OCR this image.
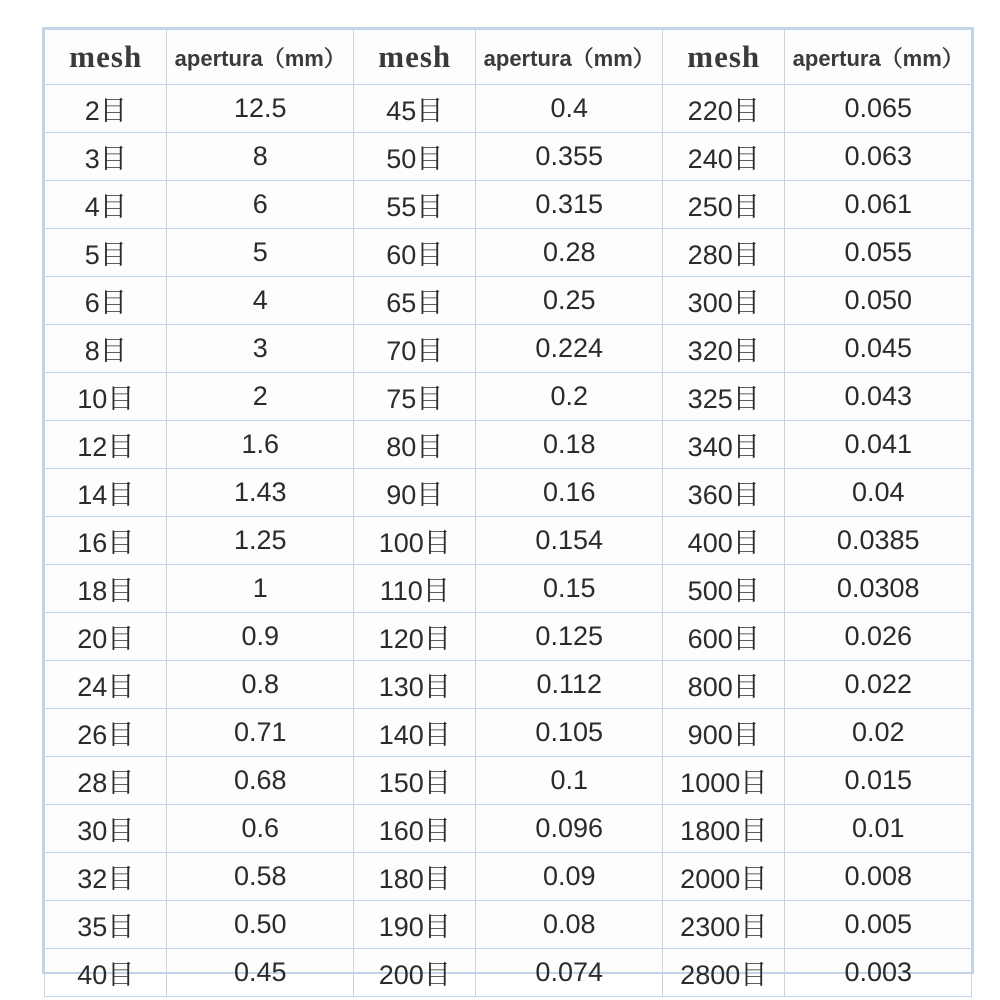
mesh	apertura（mm）	mesh	apertura（mm）	mesh	apertura（mm）
2目	12.5	45目	0.4	220目	0.065
3目	8	50目	0.355	240目	0.063
4目	6	55目	0.315	250目	0.061
5目	5	60目	0.28	280目	0.055
6目	4	65目	0.25	300目	0.050
8目	3	70目	0.224	320目	0.045
10目	2	75目	0.2	325目	0.043
12目	1.6	80目	0.18	340目	0.041
14目	1.43	90目	0.16	360目	0.04
16目	1.25	100目	0.154	400目	0.0385
18目	1	110目	0.15	500目	0.0308
20目	0.9	120目	0.125	600目	0.026
24目	0.8	130目	0.112	800目	0.022
26目	0.71	140目	0.105	900目	0.02
28目	0.68	150目	0.1	1000目	0.015
30目	0.6	160目	0.096	1800目	0.01
32目	0.58	180目	0.09	2000目	0.008
35目	0.50	190目	0.08	2300目	0.005
40目	0.45	200目	0.074	2800目	0.003
